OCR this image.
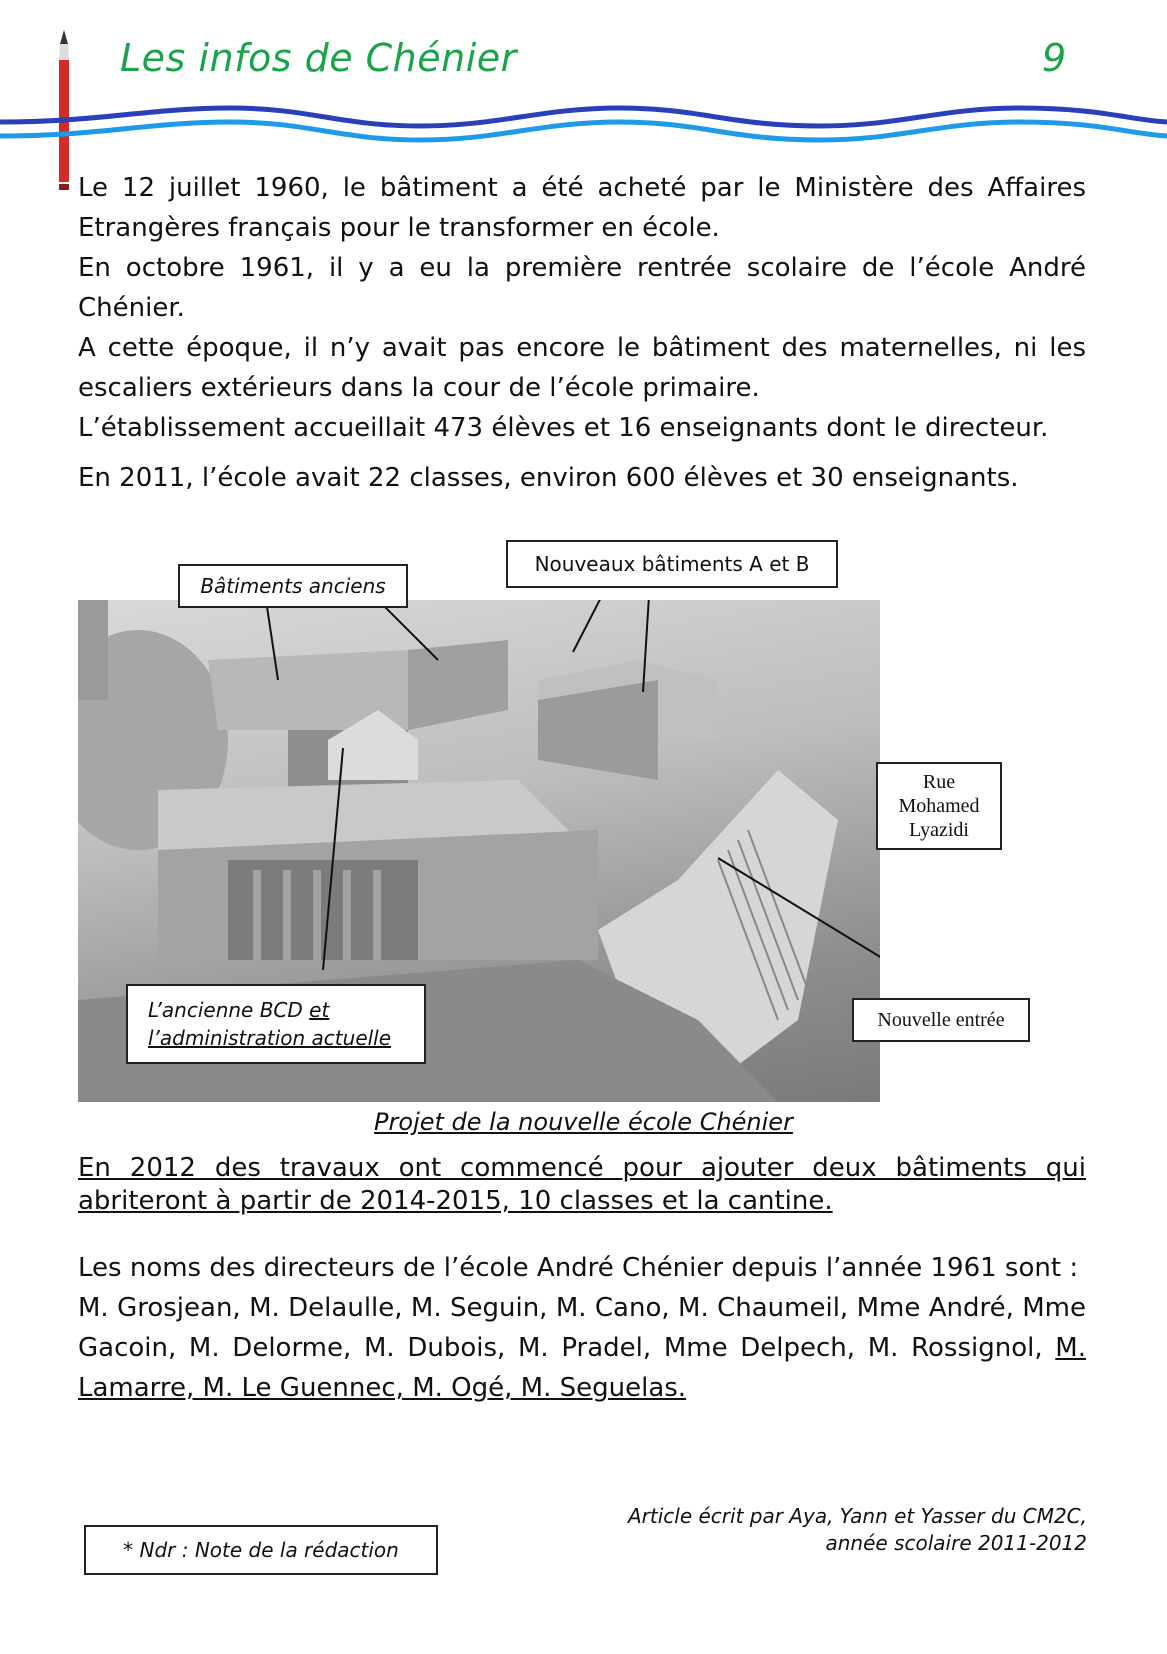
Les infos de Chénier	9

Le 12 juillet 1960, le bâtiment a été acheté par le Ministère des Affaires Etrangères français pour le transformer en école.

En octobre 1961, il y a eu la première rentrée scolaire de l’école André Chénier.

A cette époque, il n’y avait pas encore le bâtiment des maternelles, ni les escaliers extérieurs dans la cour de l’école primaire.

L’établissement accueillait 473 élèves et 16 enseignants dont le directeur.

En 2011, l’école avait 22 classes, environ 600 élèves et 30 enseignants.

Bâtiments anciens
Nouveaux bâtiments A et B
Rue
Mohamed
Lyazidi
L’ancienne BCD et
l’administration actuelle
Nouvelle entrée
Projet de la nouvelle école Chénier
En 2012 des travaux ont commencé pour ajouter deux bâtiments qui abriteront à partir de 2014-2015, 10 classes et la cantine.

Les noms des directeurs de l’école André Chénier depuis l’année 1961 sont :

M. Grosjean, M. Delaulle, M. Seguin, M. Cano, M. Chaumeil, Mme André, Mme Gacoin, M. Delorme, M. Dubois, M. Pradel, Mme Delpech, M. Rossignol, M. Lamarre, M. Le Guennec, M. Ogé, M. Seguelas.

Article écrit par Aya, Yann et Yasser du CM2C,
année scolaire 2011-2012
* Ndr : Note de la rédaction
